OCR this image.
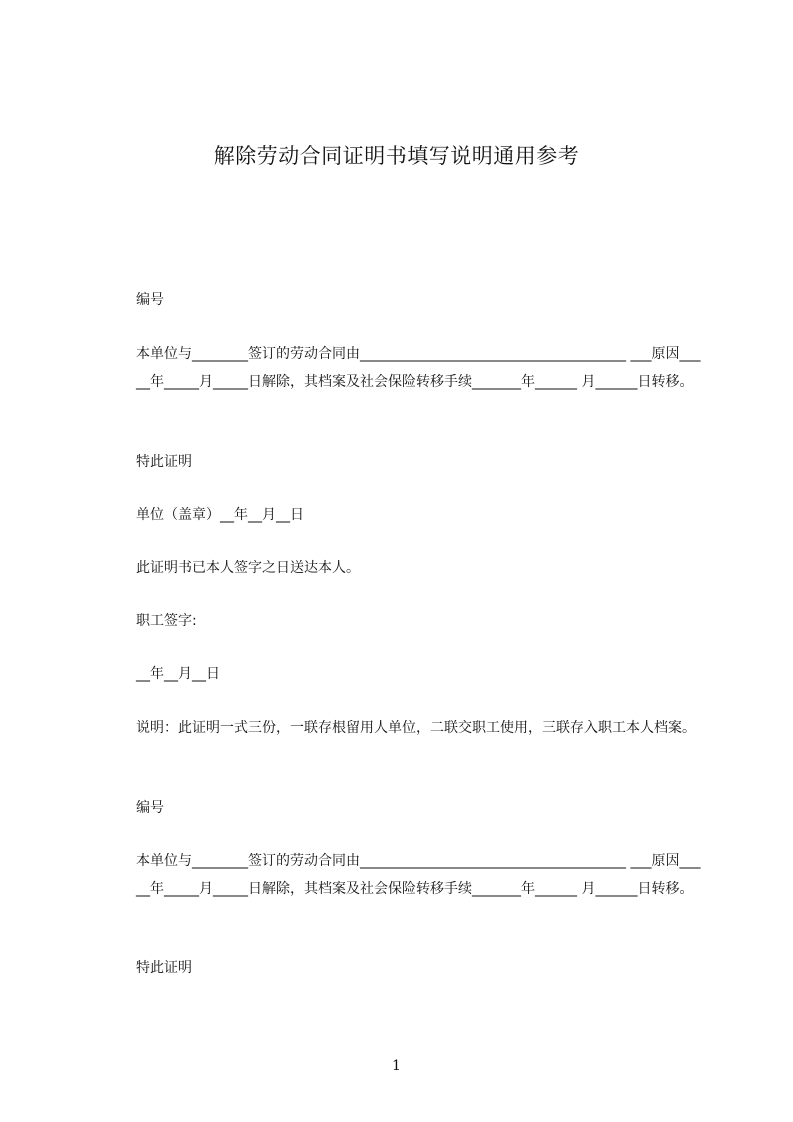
解除劳动合同证明书填写说明通用参考

编号

本单位与________签订的劳动合同由______________________________________ ___原因_____年_____月_____日解除，其档案及社会保险转移手续_______年______ 月______日转移。

特此证明

单位（盖章）__年__月__日

此证明书已本人签字之日送达本人。

职工签字:

__年__月__日

说明：此证明一式三份，一联存根留用人单位，二联交职工使用，三联存入职工本人档案。

编号

本单位与________签订的劳动合同由______________________________________ ___原因_____年_____月_____日解除，其档案及社会保险转移手续_______年______ 月______日转移。

特此证明

1
